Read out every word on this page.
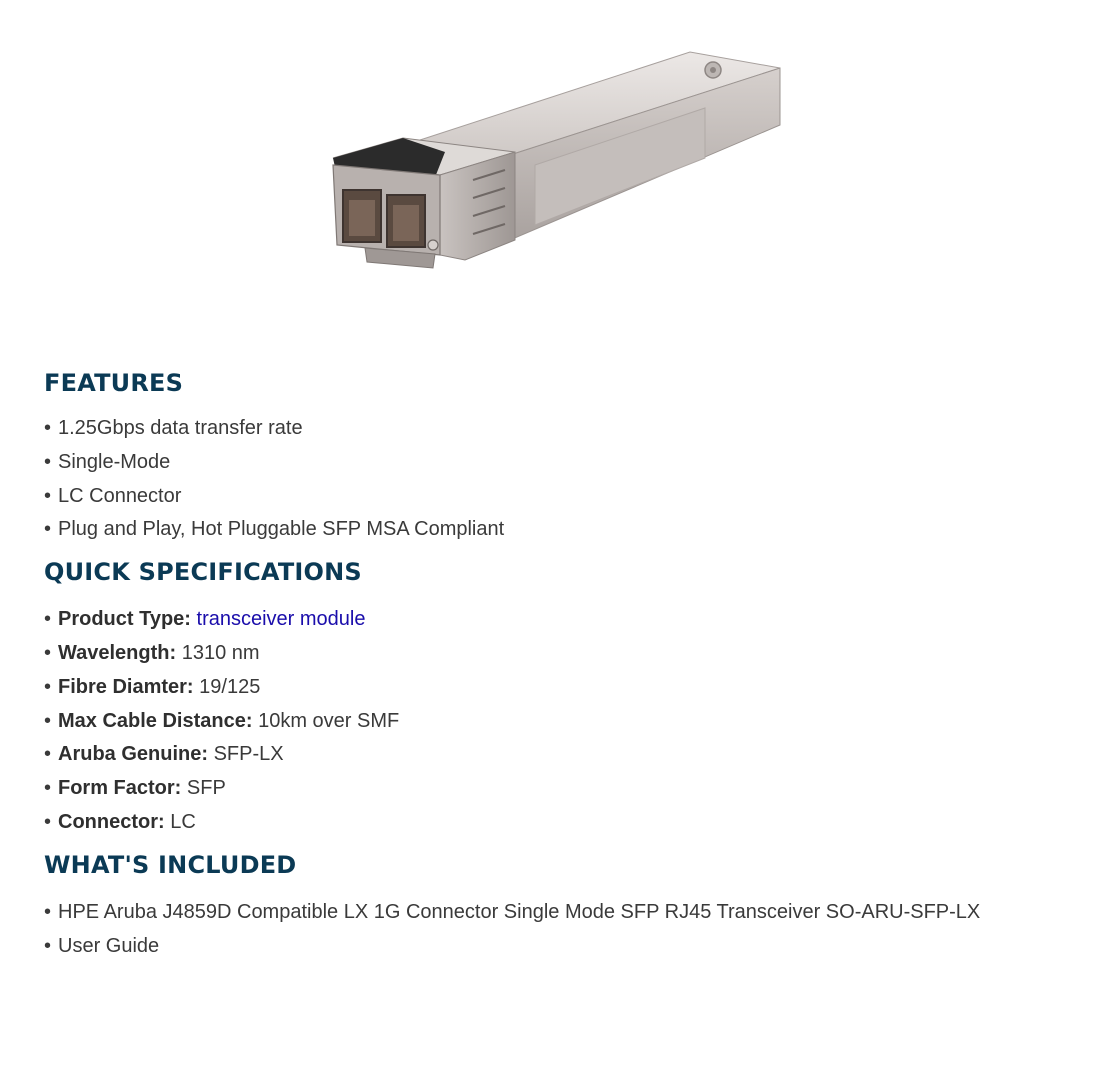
FEATURES
• 1.25Gbps data transfer rate
• Single-Mode
• LC Connector
• Plug and Play, Hot Pluggable SFP MSA Compliant
QUICK SPECIFICATIONS
• Product Type: transceiver module
• Wavelength: 1310 nm
• Fibre Diamter: 19/125
• Max Cable Distance: 10km over SMF
• Aruba Genuine: SFP-LX
• Form Factor: SFP
• Connector: LC
WHAT'S INCLUDED
• HPE Aruba J4859D Compatible LX 1G Connector Single Mode SFP RJ45 Transceiver SO-ARU-SFP-LX
• User Guide
